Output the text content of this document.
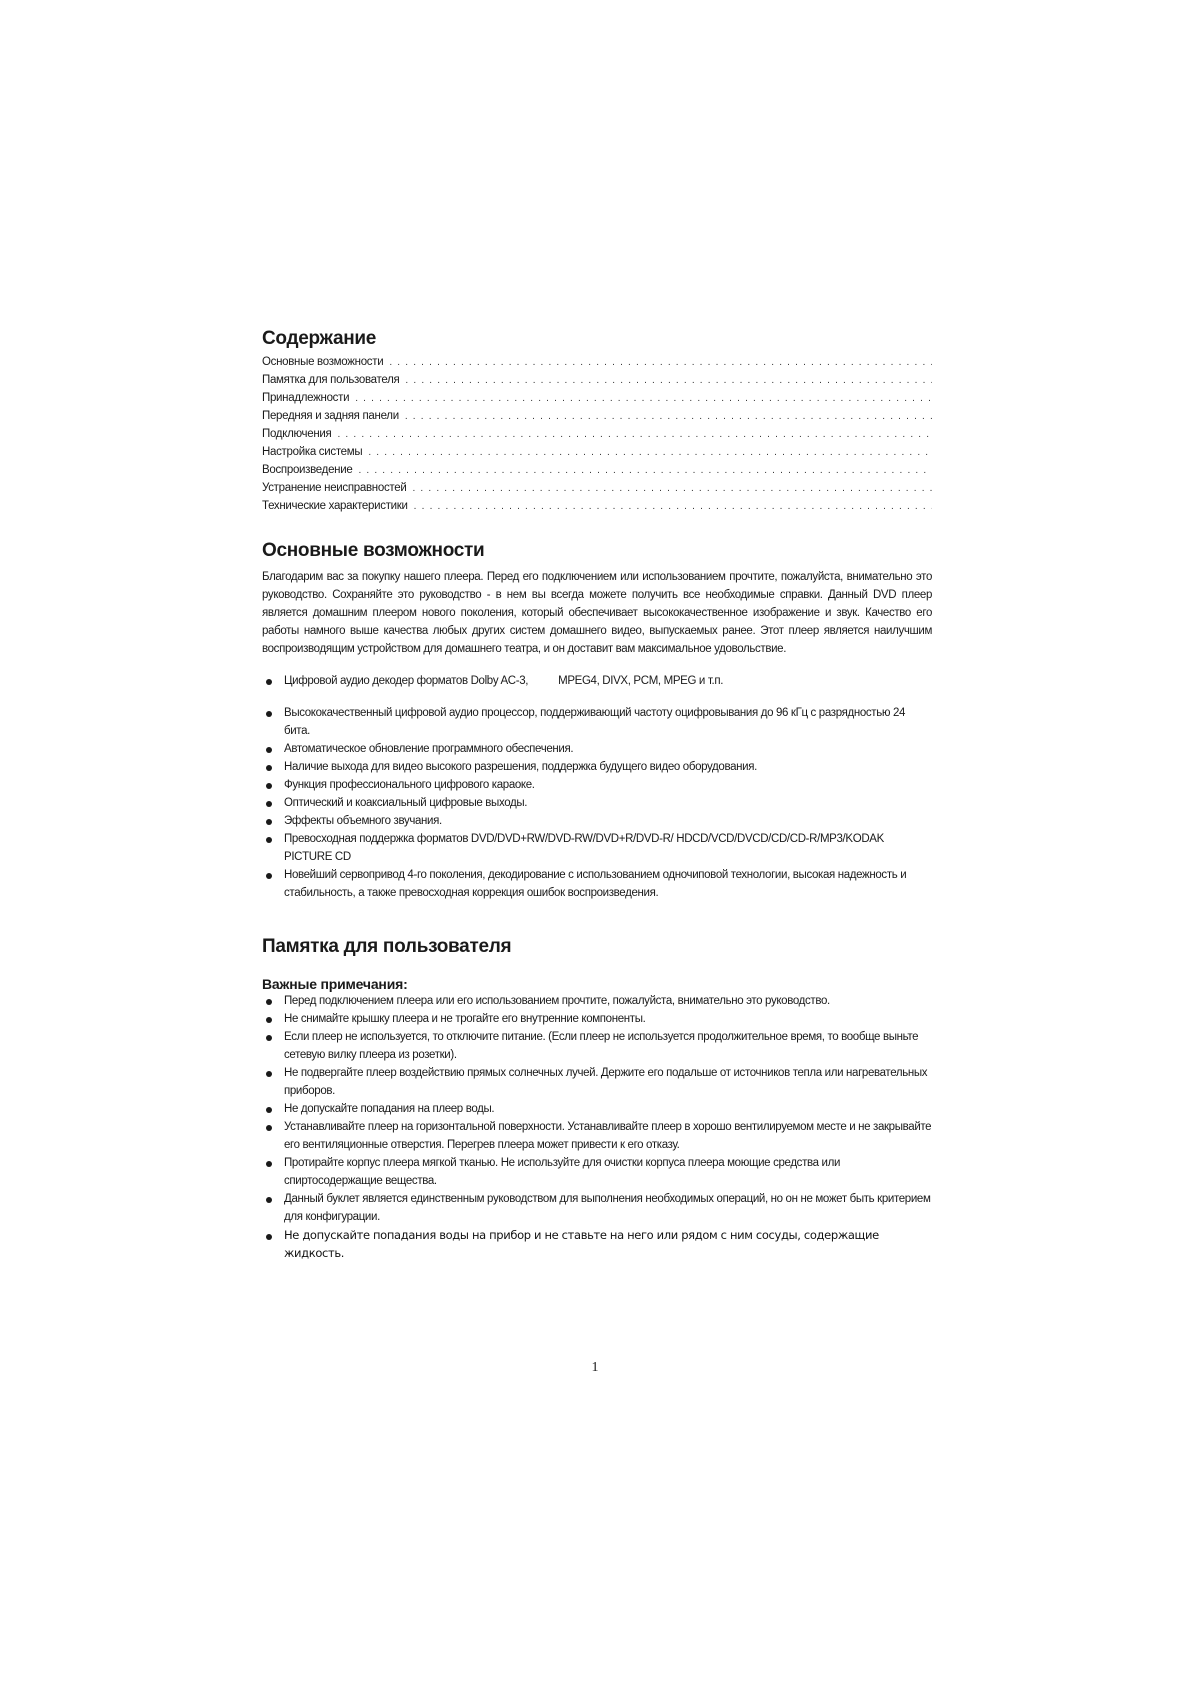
Содержание
Основные возможности
. . .
Памятка для пользователя
. . .
Принадлежности
. . .
Передняя и задняя панели
. . .
Подключения
. . .
Настройка системы
. . .
Воспроизведение
. . .
Устранение неисправностей
. . .
Технические характеристики
. . .
Основные возможности

Благодарим вас за покупку нашего плеера. Перед его подключением или использованием прочтите, пожалуйста, внимательно это руководство. Сохраняйте это руководство - в нем вы всегда можете получить все необходимые справки. Данный DVD плеер является домашним плеером нового поколения, который обеспечивает высококачественное изображение и звук. Качество его работы намного выше качества любых других систем домашнего видео, выпускаемых ранее. Этот плеер является наилучшим воспроизводящим устройством для домашнего театра, и он доставит вам максимальное удовольствие.

Цифровой аудио декодер форматов Dolby AC-3,	MPEG4, DIVX, PCM, MPEG и т.п.
Высококачественный цифровой аудио процессор, поддерживающий частоту оцифровывания до 96 кГц с разрядностью 24 бита.
Автоматическое обновление программного обеспечения.
Наличие выхода для видео высокого разрешения, поддержка будущего видео оборудования.
Функция профессионального цифрового караоке.
Оптический и коаксиальный цифровые выходы.
Эффекты объемного звучания.
Превосходная поддержка форматов DVD/DVD+RW/DVD-RW/DVD+R/DVD-R/ HDCD/VCD/DVCD/CD/CD-R/MP3/KODAK PICTURE CD
Новейший сервопривод 4-го поколения, декодирование с использованием одночиповой технологии, высокая надежность и стабильность, а также превосходная коррекция ошибок воспроизведения.
Памятка для пользователя
Важные примечания:
Перед подключением плеера или его использованием прочтите, пожалуйста, внимательно это руководство.
Не снимайте крышку плеера и не трогайте его внутренние компоненты.
Если плеер не используется, то отключите питание. (Если плеер не используется продолжительное время, то вообще выньте сетевую вилку плеера из розетки).
Не подвергайте плеер воздействию прямых солнечных лучей. Держите его подальше от источников тепла или нагревательных приборов.
Не допускайте попадания на плеер воды.
Устанавливайте плеер на горизонтальной поверхности. Устанавливайте плеер в хорошо вентилируемом месте и не закрывайте его вентиляционные отверстия. Перегрев плеера может привести к его отказу.
Протирайте корпус плеера мягкой тканью. Не используйте для очистки корпуса плеера моющие средства или спиртосодержащие вещества.
Данный буклет является единственным руководством для выполнения необходимых операций, но он не может быть критерием для конфигурации.
Не допускайте попадания воды на прибор и не ставьте на него или рядом с ним сосуды, содержащие жидкость.
1
